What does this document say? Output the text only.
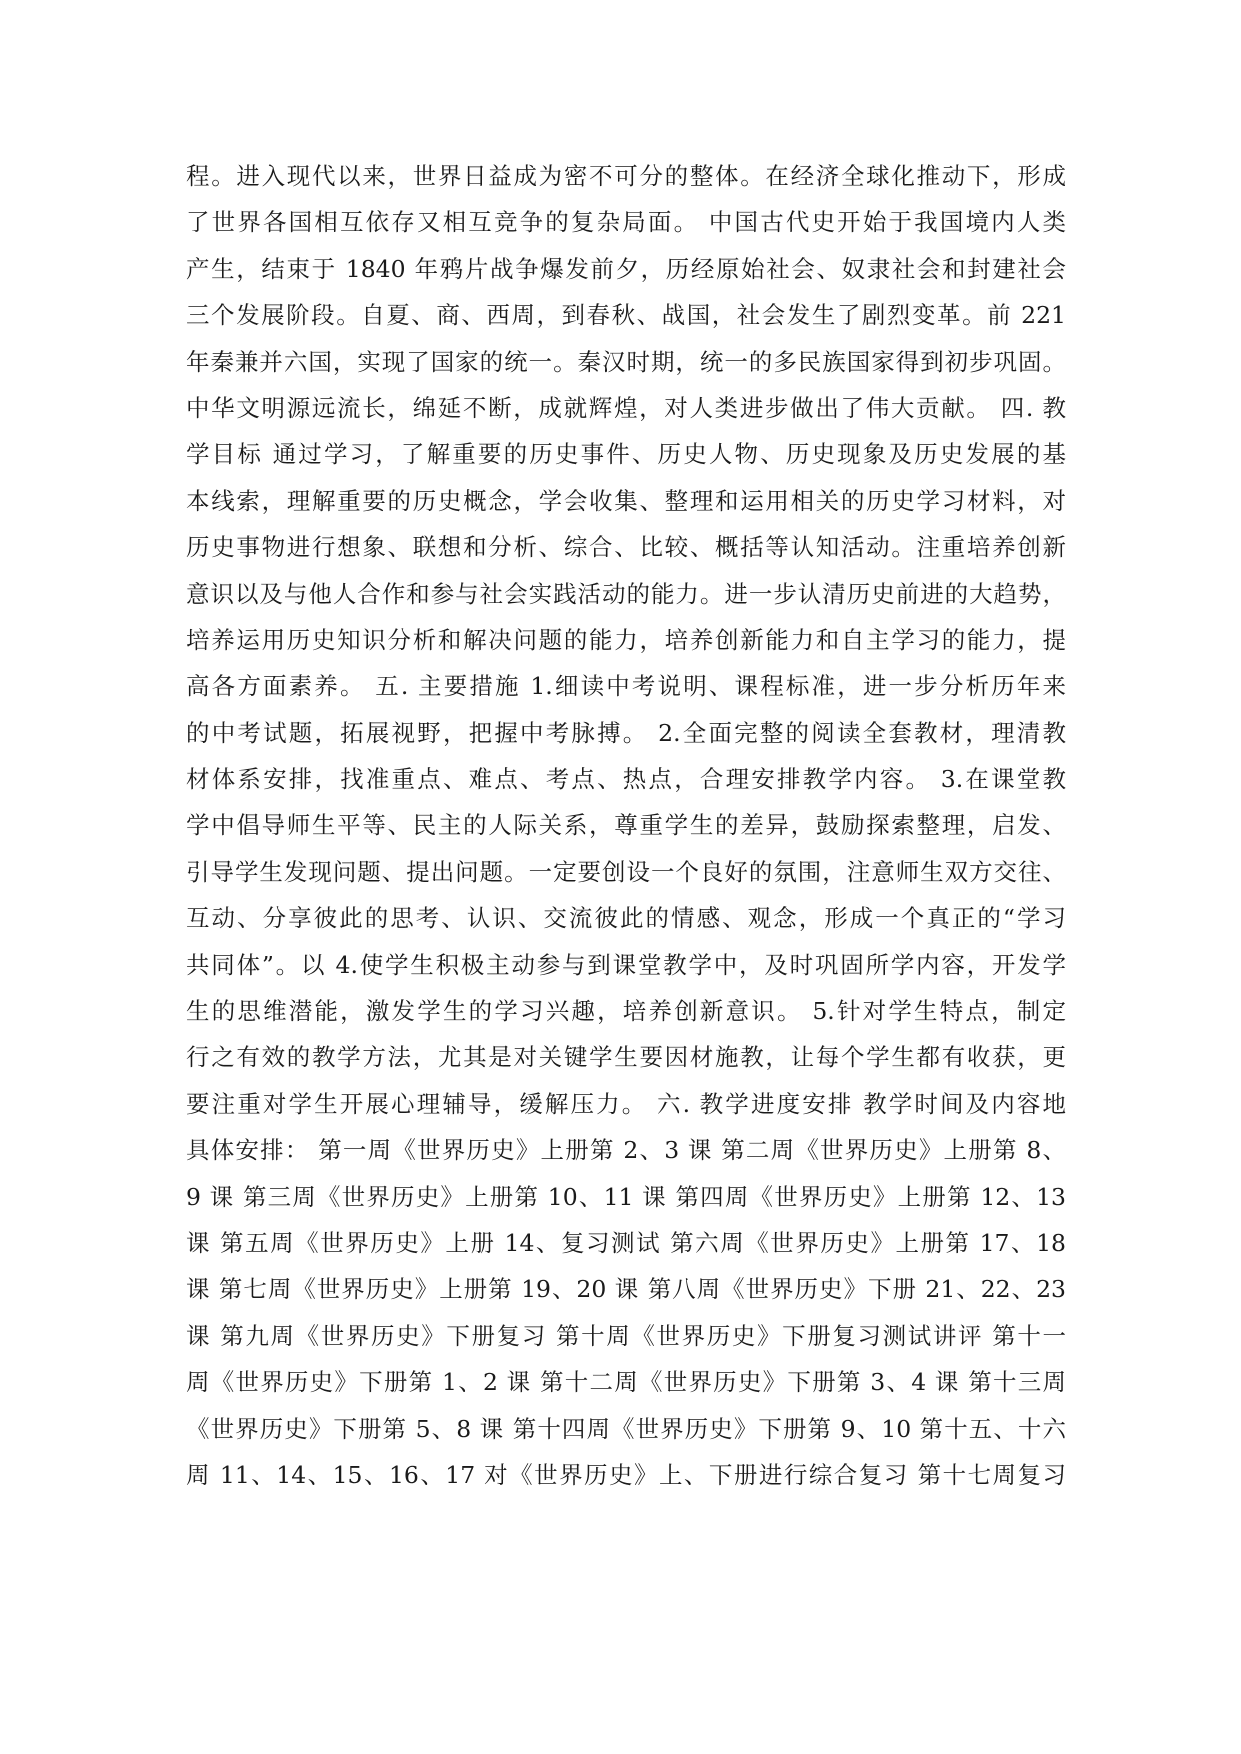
程。进入现代以来，世界日益成为密不可分的整体。在经济全球化推动下，形成
了世界各国相互依存又相互竞争的复杂局面。 中国古代史开始于我国境内人类
产生，结束于 1840 年鸦片战争爆发前夕，历经原始社会、奴隶社会和封建社会
三个发展阶段。自夏、商、西周，到春秋、战国，社会发生了剧烈变革。前 221
年秦兼并六国，实现了国家的统一。秦汉时期，统一的多民族国家得到初步巩固。
中华文明源远流长，绵延不断，成就辉煌，对人类进步做出了伟大贡献。 四. 教
学目标 通过学习，了解重要的历史事件、历史人物、历史现象及历史发展的基
本线索，理解重要的历史概念，学会收集、整理和运用相关的历史学习材料，对
历史事物进行想象、联想和分析、综合、比较、概括等认知活动。注重培养创新
意识以及与他人合作和参与社会实践活动的能力。进一步认清历史前进的大趋势，
培养运用历史知识分析和解决问题的能力，培养创新能力和自主学习的能力，提
高各方面素养。 五. 主要措施 1.细读中考说明、课程标准，进一步分析历年来
的中考试题，拓展视野，把握中考脉搏。 2.全面完整的阅读全套教材，理清教
材体系安排，找准重点、难点、考点、热点，合理安排教学内容。 3.在课堂教
学中倡导师生平等、民主的人际关系，尊重学生的差异，鼓励探索整理，启发、
引导学生发现问题、提出问题。一定要创设一个良好的氛围，注意师生双方交往、
互动、分享彼此的思考、认识、交流彼此的情感、观念，形成一个真正的“学习
共同体”。以 4.使学生积极主动参与到课堂教学中，及时巩固所学内容，开发学
生的思维潜能，激发学生的学习兴趣，培养创新意识。 5.针对学生特点，制定
行之有效的教学方法，尤其是对关键学生要因材施教，让每个学生都有收获，更
要注重对学生开展心理辅导，缓解压力。 六. 教学进度安排 教学时间及内容地
具体安排： 第一周《世界历史》上册第 2、3 课 第二周《世界历史》上册第 8、
9 课 第三周《世界历史》上册第 10、11 课 第四周《世界历史》上册第 12、13
课 第五周《世界历史》上册 14、复习测试 第六周《世界历史》上册第 17、18
课 第七周《世界历史》上册第 19、20 课 第八周《世界历史》下册 21、22、23
课 第九周《世界历史》下册复习 第十周《世界历史》下册复习测试讲评 第十一
周《世界历史》下册第 1、2 课 第十二周《世界历史》下册第 3、4 课 第十三周
《世界历史》下册第 5、8 课 第十四周《世界历史》下册第 9、10 第十五、十六
周 11、14、15、16、17 对《世界历史》上、下册进行综合复习 第十七周复习
